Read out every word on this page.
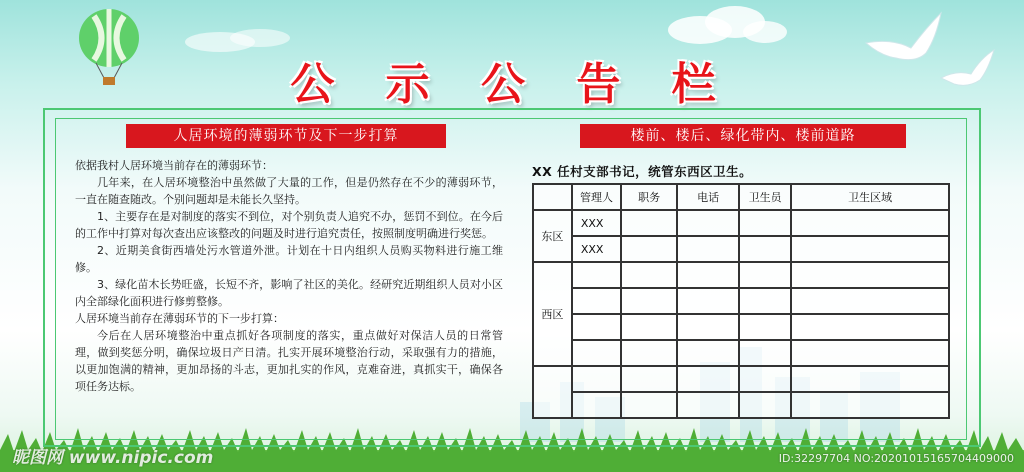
公 示 公 告 栏
人居环境的薄弱环节及下一步打算	楼前、楼后、绿化带内、楼前道路

依据我村人居环境当前存在的薄弱环节：

几年来，在人居环境整治中虽然做了大量的工作，但是仍然存在不少的薄弱环节，一直在随查随改。个别问题却是未能长久坚持。

1、主要存在是对制度的落实不到位，对个别负责人追究不办，惩罚不到位。在今后的工作中打算对每次查出应该整改的问题及时进行追究责任，按照制度明确进行奖惩。

2、近期美食街西墙处污水管道外泄。计划在十日内组织人员购买物料进行施工维修。

3、绿化苗木长势旺盛，长短不齐，影响了社区的美化。经研究近期组织人员对小区内全部绿化面积进行修剪整修。

人居环境当前存在薄弱环节的下一步打算：

今后在人居环境整治中重点抓好各项制度的落实，重点做好对保洁人员的日常管理，做到奖惩分明，确保垃圾日产日清。扎实开展环境整治行动，采取强有力的措施，以更加饱满的精神，更加昂扬的斗志，更加扎实的作风，克难奋进，真抓实干，确保各项任务达标。

XX 任村支部书记，统管东西区卫生。
	管理人	职务	电话	卫生员	卫生区域
东区	XXX				
	XXX				
西区					

昵图网 www.nipic.com	ID:32297704 NO:20201015165704409000
